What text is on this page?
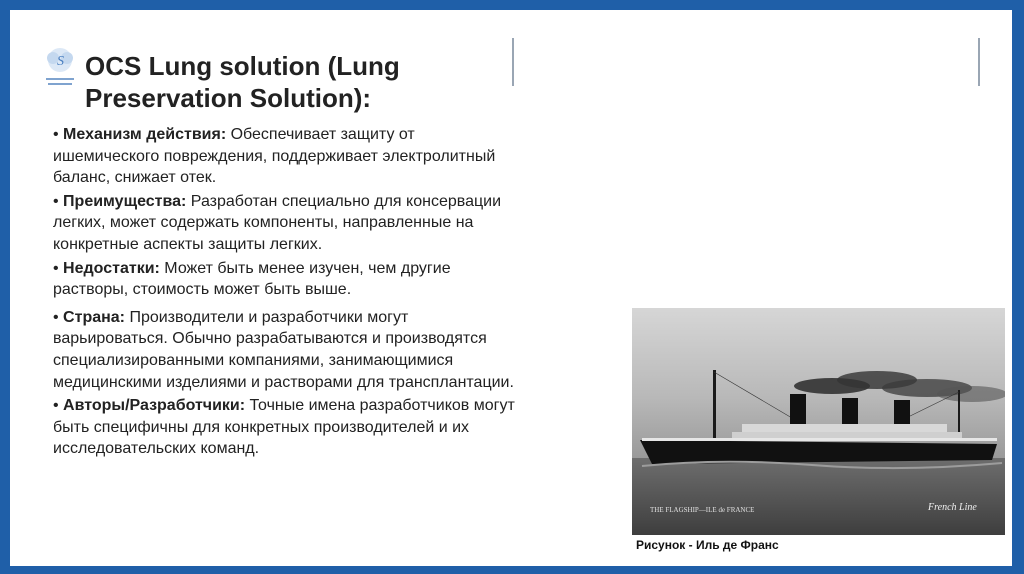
S OCS Lung solution (Lung Preservation Solution):

• Механизм действия: Обеспечивает защиту от ишемического повреждения, поддерживает электролитный баланс, снижает отек.

• Преимущества: Разработан специально для консервации легких, может содержать компоненты, направленные на конкретные аспекты защиты легких.

• Недостатки: Может быть менее изучен, чем другие растворы, стоимость может быть выше.

• Страна: Производители и разработчики могут варьироваться. Обычно разрабатываются и производятся специализированными компаниями, занимающимися медицинскими изделиями и растворами для трансплантации.

• Авторы/Разработчики: Точные имена разработчиков могут быть специфичны для конкретных производителей и их исследовательских команд.

THE FLAGSHIP—ILE de FRANCE	French Line
Рисунок - Иль де Франс
